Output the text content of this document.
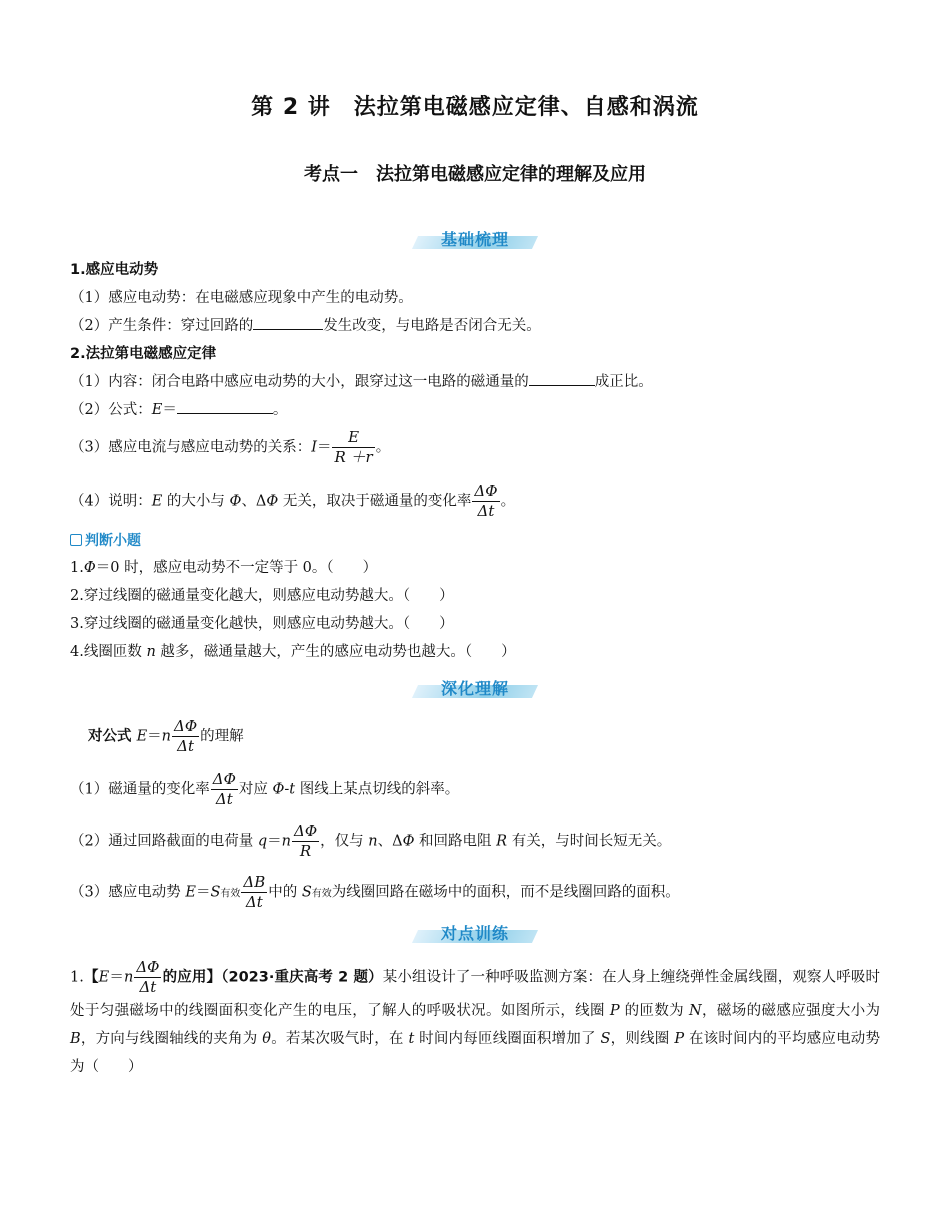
第 2 讲　法拉第电磁感应定律、自感和涡流
考点一　法拉第电磁感应定律的理解及应用
基础梳理
1.感应电动势
（1）感应电动势：在电磁感应现象中产生的电动势。
（2）产生条件：穿过回路的	发生改变，与电路是否闭合无关。
2.法拉第电磁感应定律
（1）内容：闭合电路中感应电动势的大小，跟穿过这一电路的磁通量的	成正比。
（2）公式：E＝	。
（3）感应电流与感应电动势的关系：$I= \frac{E}{R +r}$ 。
（4）说明：E 的大小与 Φ、ΔΦ 无关，取决于磁通量的变化率 $\frac{\Delta\Phi}{\Delta t}$ 。
判断小题
1.Φ＝0 时，感应电动势不一定等于 0。（　　）
2.穿过线圈的磁通量变化越大，则感应电动势越大。（　　）
3.穿过线圈的磁通量变化越快，则感应电动势越大。（　　）
4.线圈匝数 n 越多，磁通量越大，产生的感应电动势也越大。（　　）
深化理解
对公式 $E=n \frac{\Delta\Phi}{\Delta t}$ 的理解
（1）磁通量的变化率 $\frac{\Delta\Phi}{\Delta t}$ 对应 Φ-t 图线上某点切线的斜率。
（2）通过回路截面的电荷量 $q=n \frac{\Delta\Phi}{R}$ ，仅与 n、ΔΦ 和回路电阻 R 有关，与时间长短无关。
（3）感应电动势 E＝S有效 $\frac{\Delta B}{\Delta t}$ 中的 S有效为线圈回路在磁场中的面积，而不是线圈回路的面积。
对点训练
1.【$E=n \frac{\Delta\Phi}{\Delta t}$ 的应用】（2023·重庆高考 2 题）某小组设计了一种呼吸监测方案：在人身上缠绕弹性金属线圈，观察人呼吸时处于匀强磁场中的线圈面积变化产生的电压，了解人的呼吸状况。如图所示，线圈 P 的匝数为 N，磁场的磁感应强度大小为 B，方向与线圈轴线的夹角为 θ。若某次吸气时，在 t 时间内每匝线圈面积增加了 S，则线圈 P 在该时间内的平均感应电动势为（　　）
